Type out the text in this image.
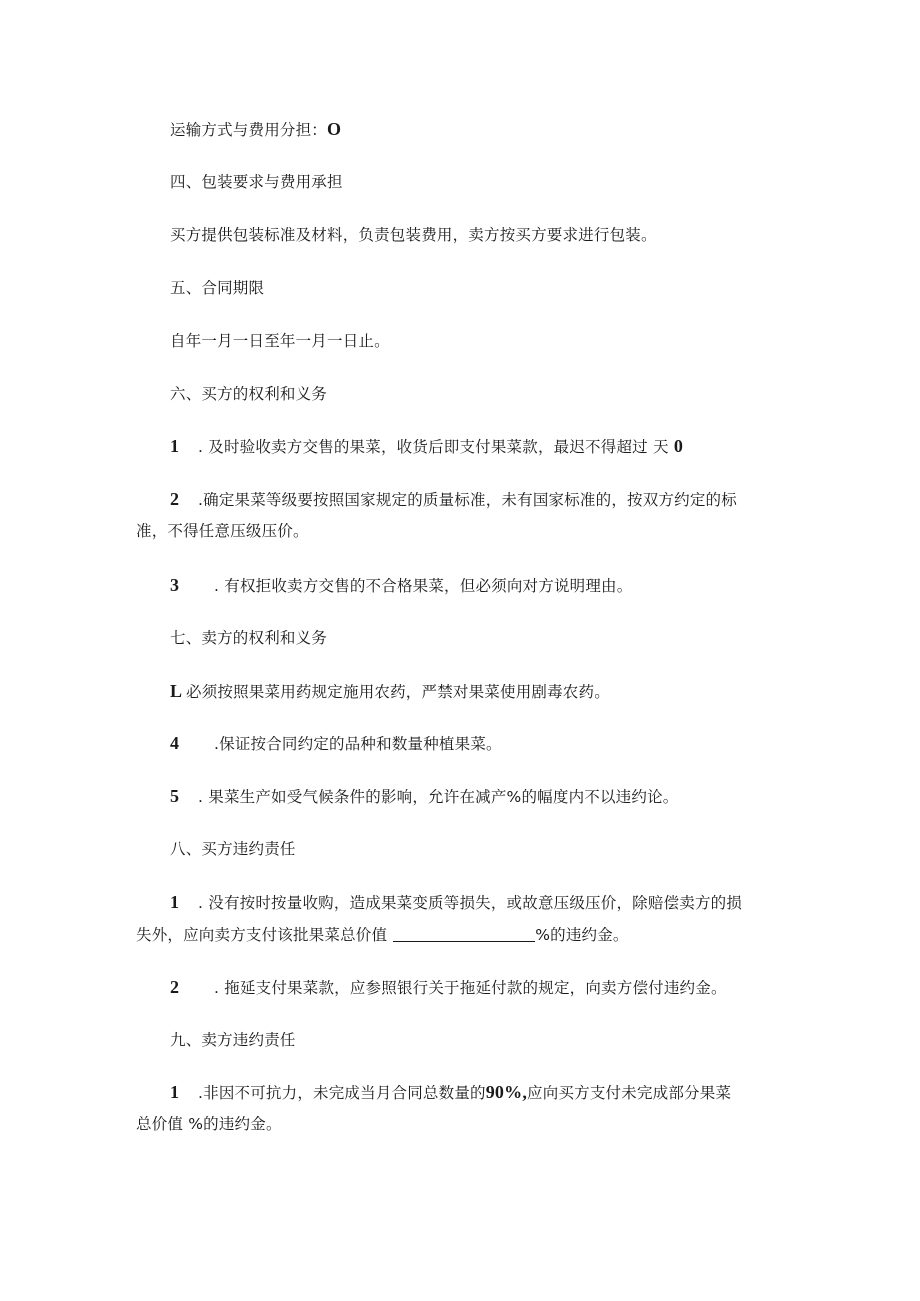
运输方式与费用分担：O

四、包装要求与费用承担

买方提供包装标准及材料，负责包装费用，卖方按买方要求进行包装。

五、合同期限

自年一月一日至年一月一日止。

六、买方的权利和义务

1 . 及时验收卖方交售的果菜，收货后即支付果菜款，最迟不得超过 天 0

2 .确定果菜等级要按照国家规定的质量标准，未有国家标准的，按双方约定的标

准，不得任意压级压价。

3 . 有权拒收卖方交售的不合格果菜，但必须向对方说明理由。

七、卖方的权利和义务

L 必须按照果菜用药规定施用农药，严禁对果菜使用剧毒农药。

4 .保证按合同约定的品种和数量种植果菜。

5 . 果菜生产如受气候条件的影响，允许在减产%的幅度内不以违约论。

八、买方违约责任

1 . 没有按时按量收购，造成果菜变质等损失，或故意压级压价，除赔偿卖方的损

失外，应向卖方支付该批果菜总价值	%的违约金。

2 . 拖延支付果菜款，应参照银行关于拖延付款的规定，向卖方偿付违约金。

九、卖方违约责任

1 .非因不可抗力，未完成当月合同总数量的90%,应向买方支付未完成部分果菜

总价值 %的违约金。
